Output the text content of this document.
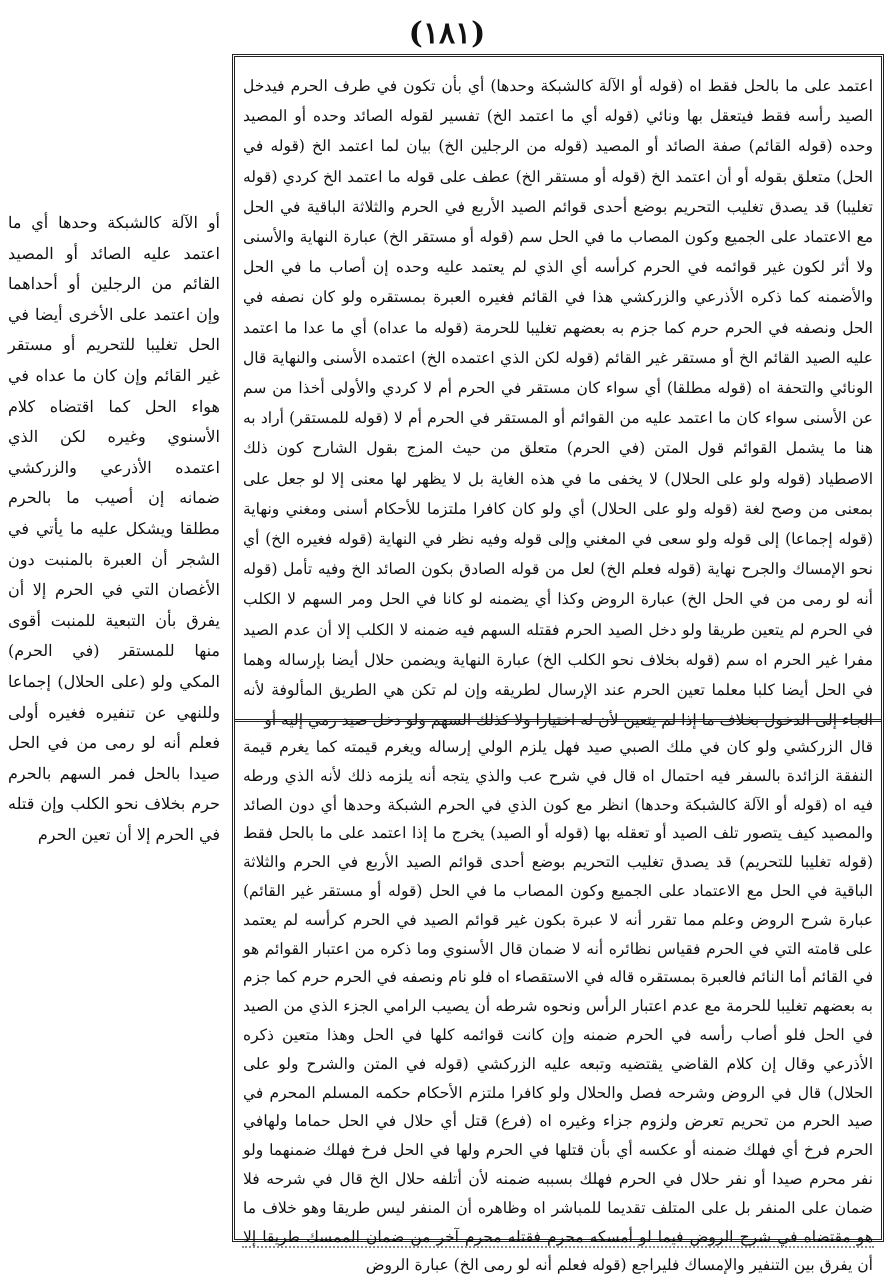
(١٨١)

اعتمد على ما بالحل فقط اه (قوله أو الآلة كالشبكة وحدها) أي بأن تكون في طرف الحرم فيدخل الصيد رأسه فقط فيتعقل بها ونائي (قوله أي ما اعتمد الخ) تفسير لقوله الصائد وحده أو المصيد وحده (قوله القائم) صفة الصائد أو المصيد (قوله من الرجلين الخ) بيان لما اعتمد الخ (قوله في الحل) متعلق بقوله أو أن اعتمد الخ (قوله أو مستقر الخ) عطف على قوله ما اعتمد الخ كردي (قوله تغليبا) قد يصدق تغليب التحريم بوضع أحدى قوائم الصيد الأربع في الحرم والثلاثة الباقية في الحل مع الاعتماد على الجميع وكون المصاب ما في الحل سم (قوله أو مستقر الخ) عبارة النهاية والأسنى ولا أثر لكون غير قوائمه في الحرم كرأسه أي الذي لم يعتمد عليه وحده إن أصاب ما في الحل والأضمنه كما ذكره الأذرعي والزركشي هذا في القائم فغيره العبرة بمستقره ولو كان نصفه في الحل ونصفه في الحرم حرم كما جزم به بعضهم تغليبا للحرمة (قوله ما عداه) أي ما عدا ما اعتمد عليه الصيد القائم الخ أو مستقر غير القائم (قوله لكن الذي اعتمده الخ) اعتمده الأسنى والنهاية قال الونائي والتحفة اه (قوله مطلقا) أي سواء كان مستقر في الحرم أم لا كردي والأولى أخذا من سم عن الأسنى سواء كان ما اعتمد عليه من القوائم أو المستقر في الحرم أم لا (قوله للمستقر) أراد به هنا ما يشمل القوائم قول المتن (في الحرم) متعلق من حيث المزج بقول الشارح كون ذلك الاصطياد (قوله ولو على الحلال) لا يخفى ما في هذه الغاية بل لا يظهر لها معنى إلا لو جعل على بمعنى من وصح لغة (قوله ولو على الحلال) أي ولو كان كافرا ملتزما للأحكام أسنى ومغني ونهاية (قوله إجماعا) إلى قوله ولو سعى في المغني وإلى قوله وفيه نظر في النهاية (قوله فغيره الخ) أي نحو الإمساك والجرح نهاية (قوله فعلم الخ) لعل من قوله الصادق بكون الصائد الخ وفيه تأمل (قوله أنه لو رمى من في الحل الخ) عبارة الروض وكذا أي يضمنه لو كانا في الحل ومر السهم لا الكلب في الحرم لم يتعين طريقا ولو دخل الصيد الحرم فقتله السهم فيه ضمنه لا الكلب إلا أن عدم الصيد مفرا غير الحرم اه سم (قوله بخلاف نحو الكلب الخ) عبارة النهاية ويضمن حلال أيضا بإرساله وهما في الحل أيضا كلبا معلما تعين الحرم عند الإرسال لطريقه وإن لم تكن هي الطريق المألوفة لأنه الجاء إلى الدخول بخلاف ما إذا لم يتعين لأن له اختيارا ولا كذلك السهم ولو دخل صيد رمي إليه أو

قال الزركشي ولو كان في ملك الصبي صيد فهل يلزم الولي إرساله ويغرم قيمته كما يغرم قيمة النفقة الزائدة بالسفر فيه احتمال اه قال في شرح عب والذي يتجه أنه يلزمه ذلك لأنه الذي ورطه فيه اه (قوله أو الآلة كالشبكة وحدها) انظر مع كون الذي في الحرم الشبكة وحدها أي دون الصائد والمصيد كيف يتصور تلف الصيد أو تعقله بها (قوله أو الصيد) يخرج ما إذا اعتمد على ما بالحل فقط (قوله تغليبا للتحريم) قد يصدق تغليب التحريم بوضع أحدى قوائم الصيد الأربع في الحرم والثلاثة الباقية في الحل مع الاعتماد على الجميع وكون المصاب ما في الحل (قوله أو مستقر غير القائم) عبارة شرح الروض وعلم مما تقرر أنه لا عبرة بكون غير قوائم الصيد في الحرم كرأسه لم يعتمد على قامته التي في الحرم فقياس نظائره أنه لا ضمان قال الأسنوي وما ذكره من اعتبار القوائم هو في القائم أما النائم فالعبرة بمستقره قاله في الاستقصاء اه فلو نام ونصفه في الحرم حرم كما جزم به بعضهم تغليبا للحرمة مع عدم اعتبار الرأس ونحوه شرطه أن يصيب الرامي الجزء الذي من الصيد في الحل فلو أصاب رأسه في الحرم ضمنه وإن كانت قوائمه كلها في الحل وهذا متعين ذكره الأذرعي وقال إن كلام القاضي يقتضيه وتبعه عليه الزركشي (قوله في المتن والشرح ولو على الحلال) قال في الروض وشرحه فصل والحلال ولو كافرا ملتزم الأحكام حكمه المسلم المحرم في صيد الحرم من تحريم تعرض ولزوم جزاء وغيره اه (فرع) قتل أي حلال في الحل حماما ولهافي الحرم فرخ أي فهلك ضمنه أو عكسه أي بأن قتلها في الحرم ولها في الحل فرخ فهلك ضمنهما ولو نفر محرم صيدا أو نفر حلال في الحرم فهلك بسببه ضمنه لأن أتلفه حلال الخ قال في شرحه فلا ضمان على المنفر بل على المتلف تقديما للمباشر اه وظاهره أن المنفر ليس طريقا وهو خلاف ما هو مقتضاه في شرح الروض فيما لو أمسكه محرم فقتله محرم آخر من ضمان الممسك طريقا إلا أن يفرق بين التنفير والإمساك فليراجع (قوله فعلم أنه لو رمى الخ) عبارة الروض

أو الآلة كالشبكة وحدها أي ما اعتمد عليه الصائد أو المصيد القائم من الرجلين أو أحداهما وإن اعتمد على الأخرى أيضا في الحل تغليبا للتحريم أو مستقر غير القائم وإن كان ما عداه في هواء الحل كما اقتضاه كلام الأسنوي وغيره لكن الذي اعتمده الأذرعي والزركشي ضمانه إن أصيب ما بالحرم مطلقا ويشكل عليه ما يأتي في الشجر أن العبرة بالمنبت دون الأغصان التي في الحرم إلا أن يفرق بأن التبعية للمنبت أقوى منها للمستقر (في الحرم) المكي ولو (على الحلال) إجماعا وللنهي عن تنفيره فغيره أولى فعلم أنه لو رمى من في الحل صيدا بالحل فمر السهم بالحرم حرم بخلاف نحو الكلب وإن قتله في الحرم إلا أن تعين الحرم
